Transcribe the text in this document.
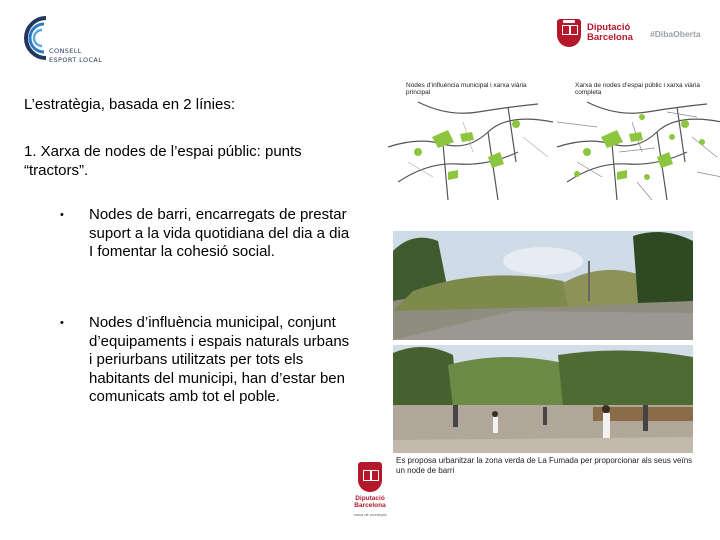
CONSELL
ESPORT LOCAL
Diputació
Barcelona #DibaOberta
L’estratègia, basada en 2 línies:
1. Xarxa de nodes de l’espai públic: punts “tractors”.
• Nodes de barri, encarregats de prestar suport a la vida quotidiana del dia a dia I fomentar la cohesió social.
• Nodes d’influència municipal, conjunt d’equipaments i espais naturals urbans i periurbans utilitzats per tots els habitants del municipi, han d’estar ben comunicats amb tot el poble.
Nodes d’influència municipal i xarxa viària principal
Xarxa de nodes d’espai públic i xarxa viària completa
Es proposa urbanitzar la zona verda de La Fumada per proporcionar als seus veïns un node de barri
Diputació
Barcelona
xarxa de municipis
